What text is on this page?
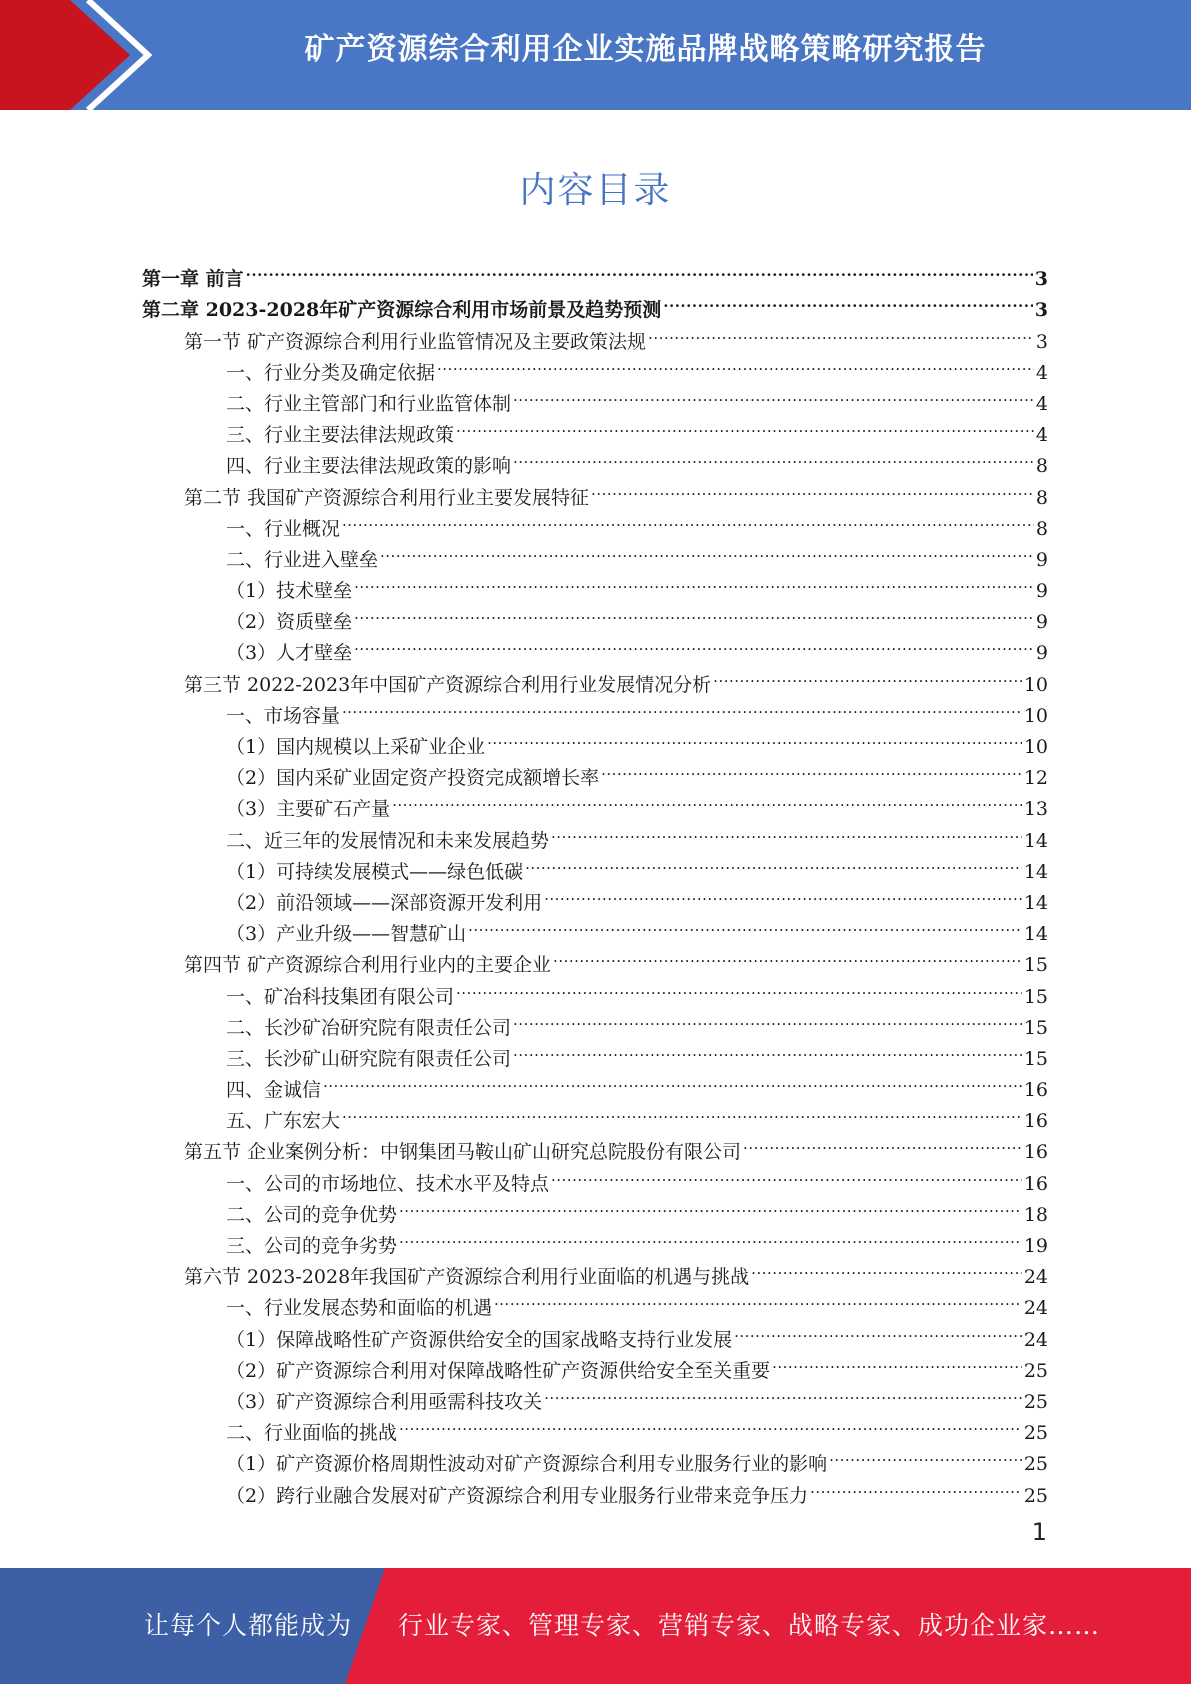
矿产资源综合利用企业实施品牌战略策略研究报告
内容目录
第一章 前言 .....	3
第二章 2023-2028年矿产资源综合利用市场前景及趋势预测 .....	3
第一节 矿产资源综合利用行业监管情况及主要政策法规 .....	3
一、行业分类及确定依据 .....	4
二、行业主管部门和行业监管体制 .....	4
三、行业主要法律法规政策 .....	4
四、行业主要法律法规政策的影响 .....	8
第二节 我国矿产资源综合利用行业主要发展特征 .....	8
一、行业概况 .....	8
二、行业进入壁垒 .....	9
（1）技术壁垒 .....	9
（2）资质壁垒 .....	9
（3）人才壁垒 .....	9
第三节 2022-2023年中国矿产资源综合利用行业发展情况分析 .....	10
一、市场容量 .....	10
（1）国内规模以上采矿业企业 .....	10
（2）国内采矿业固定资产投资完成额增长率 .....	12
（3）主要矿石产量 .....	13
二、近三年的发展情况和未来发展趋势 .....	14
（1）可持续发展模式——绿色低碳 .....	14
（2）前沿领域——深部资源开发利用 .....	14
（3）产业升级——智慧矿山 .....	14
第四节 矿产资源综合利用行业内的主要企业 .....	15
一、矿冶科技集团有限公司 .....	15
二、长沙矿冶研究院有限责任公司 .....	15
三、长沙矿山研究院有限责任公司 .....	15
四、金诚信 .....	16
五、广东宏大 .....	16
第五节 企业案例分析：中钢集团马鞍山矿山研究总院股份有限公司 .....	16
一、公司的市场地位、技术水平及特点 .....	16
二、公司的竞争优势 .....	18
三、公司的竞争劣势 .....	19
第六节 2023-2028年我国矿产资源综合利用行业面临的机遇与挑战 .....	24
一、行业发展态势和面临的机遇 .....	24
（1）保障战略性矿产资源供给安全的国家战略支持行业发展 .....	24
（2）矿产资源综合利用对保障战略性矿产资源供给安全至关重要 .....	25
（3）矿产资源综合利用亟需科技攻关 .....	25
二、行业面临的挑战 .....	25
（1）矿产资源价格周期性波动对矿产资源综合利用专业服务行业的影响 .....	25
（2）跨行业融合发展对矿产资源综合利用专业服务行业带来竞争压力 .....	25
1
让每个人都能成为 行业专家、管理专家、营销专家、战略专家、成功企业家……
